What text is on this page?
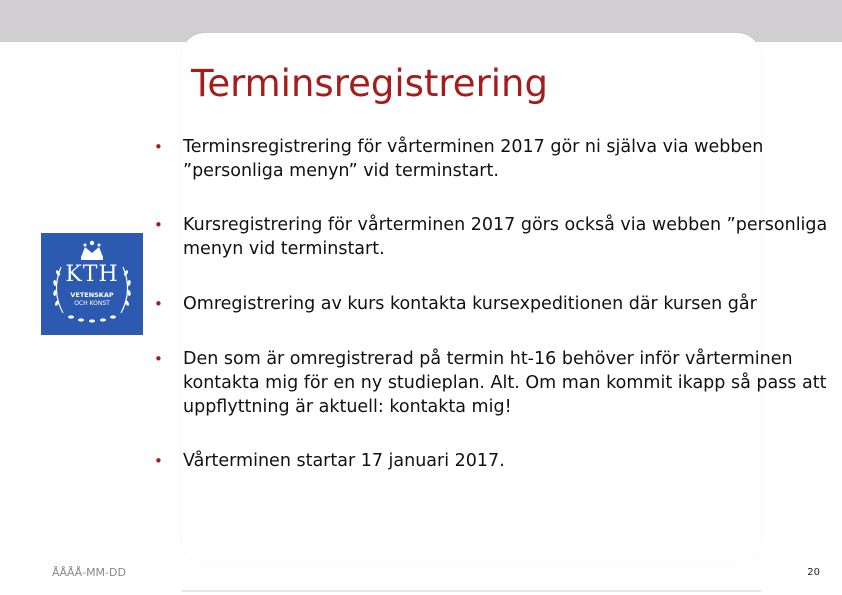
Terminsregistrering
• Terminsregistrering för vårterminen 2017 gör ni själva via webben ”personliga menyn” vid terminstart.
• Kursregistrering för vårterminen 2017 görs också via webben ”personliga menyn vid terminstart.
• Omregistrering av kurs kontakta kursexpeditionen där kursen går
• Den som är omregistrerad på termin ht-16 behöver inför vårterminen kontakta mig för en ny studieplan. Alt. Om man kommit ikapp så pass att uppflyttning är aktuell: kontakta mig!
• Vårterminen startar 17 januari 2017.
KTH
VETENSKAP
OCH KONST
ÅÅÅÅ-MM-DD	20
